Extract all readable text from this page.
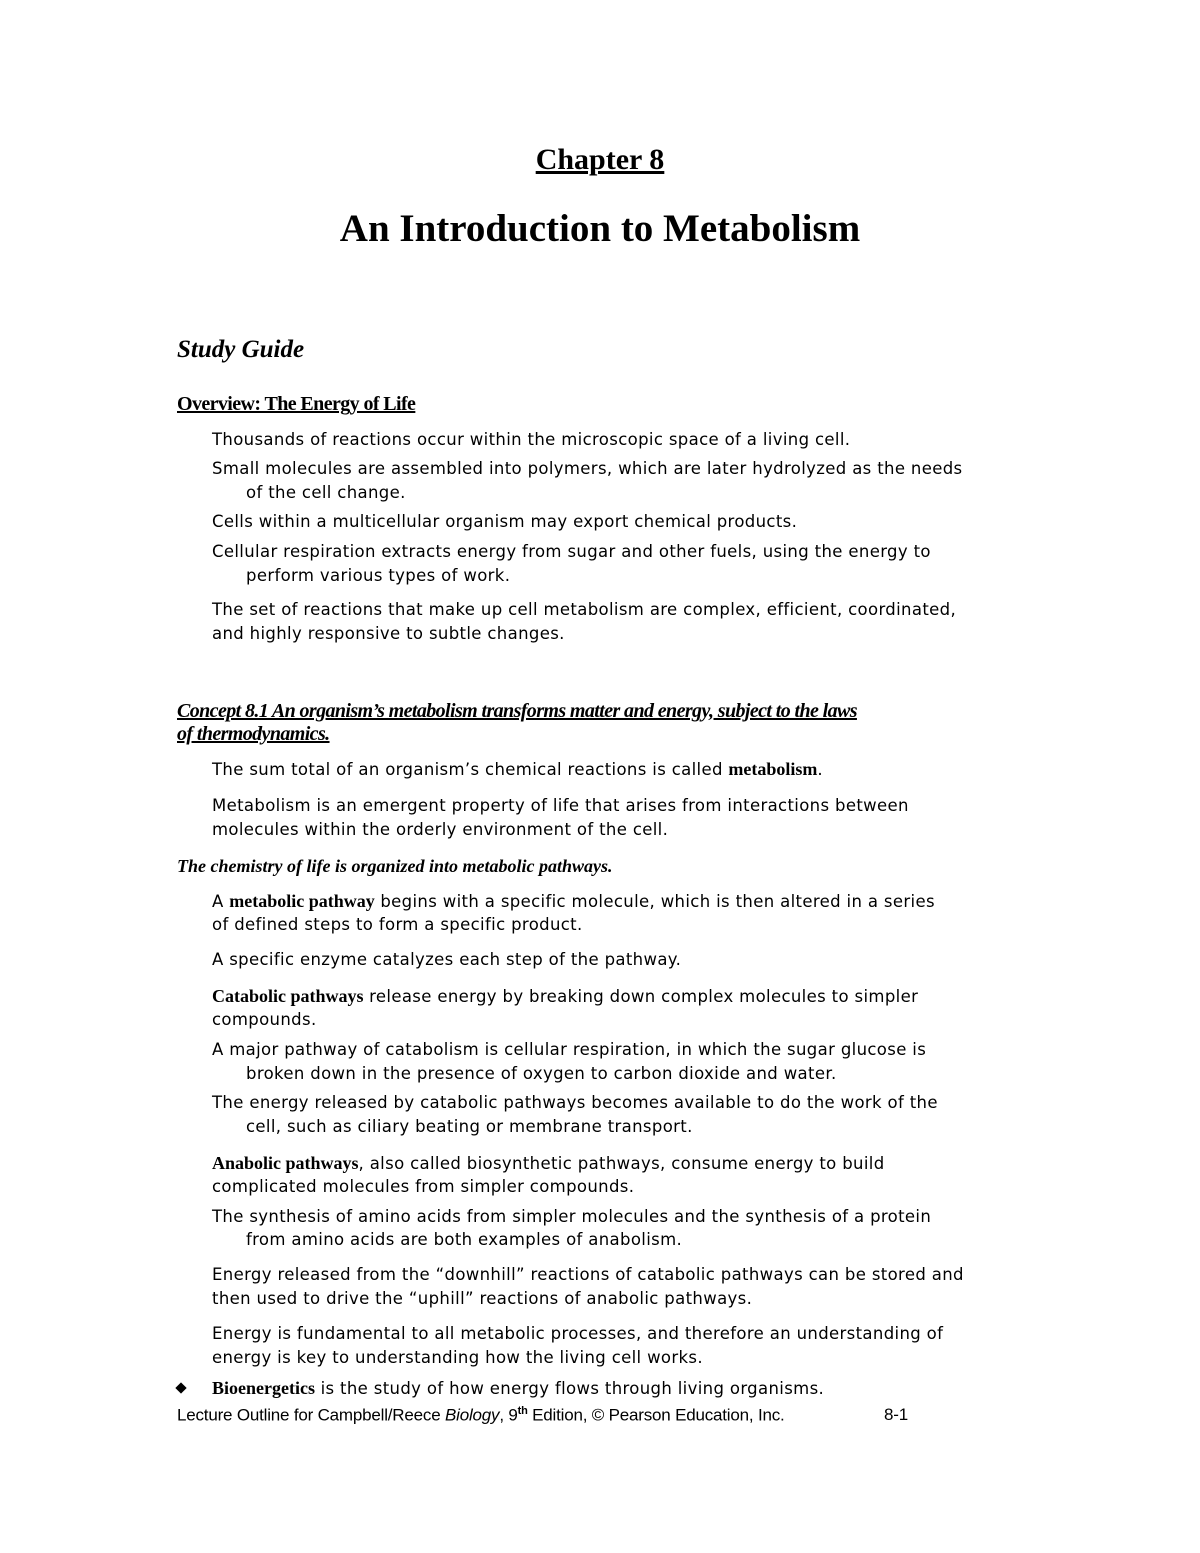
Chapter 8
An Introduction to Metabolism
Study Guide
Overview: The Energy of Life
Thousands of reactions occur within the microscopic space of a living cell.
Small molecules are assembled into polymers, which are later hydrolyzed as the needs
of the cell change.
Cells within a multicellular organism may export chemical products.
Cellular respiration extracts energy from sugar and other fuels, using the energy to
perform various types of work.
The set of reactions that make up cell metabolism are complex, efficient, coordinated,
and highly responsive to subtle changes.
Concept 8.1 An organism’s metabolism transforms matter and energy, subject to the laws
of thermodynamics.
The sum total of an organism’s chemical reactions is called metabolism.
Metabolism is an emergent property of life that arises from interactions between
molecules within the orderly environment of the cell.
The chemistry of life is organized into metabolic pathways.
A metabolic pathway begins with a specific molecule, which is then altered in a series
of defined steps to form a specific product.
A specific enzyme catalyzes each step of the pathway.
Catabolic pathways release energy by breaking down complex molecules to simpler
compounds.
A major pathway of catabolism is cellular respiration, in which the sugar glucose is
broken down in the presence of oxygen to carbon dioxide and water.
The energy released by catabolic pathways becomes available to do the work of the
cell, such as ciliary beating or membrane transport.
Anabolic pathways, also called biosynthetic pathways, consume energy to build
complicated molecules from simpler compounds.
The synthesis of amino acids from simpler molecules and the synthesis of a protein
from amino acids are both examples of anabolism.
Energy released from the “downhill” reactions of catabolic pathways can be stored and
then used to drive the “uphill” reactions of anabolic pathways.
Energy is fundamental to all metabolic processes, and therefore an understanding of
energy is key to understanding how the living cell works.
Bioenergetics is the study of how energy flows through living organisms.
Lecture Outline for Campbell/Reece Biology, 9th Edition, © Pearson Education, Inc.	8-1
